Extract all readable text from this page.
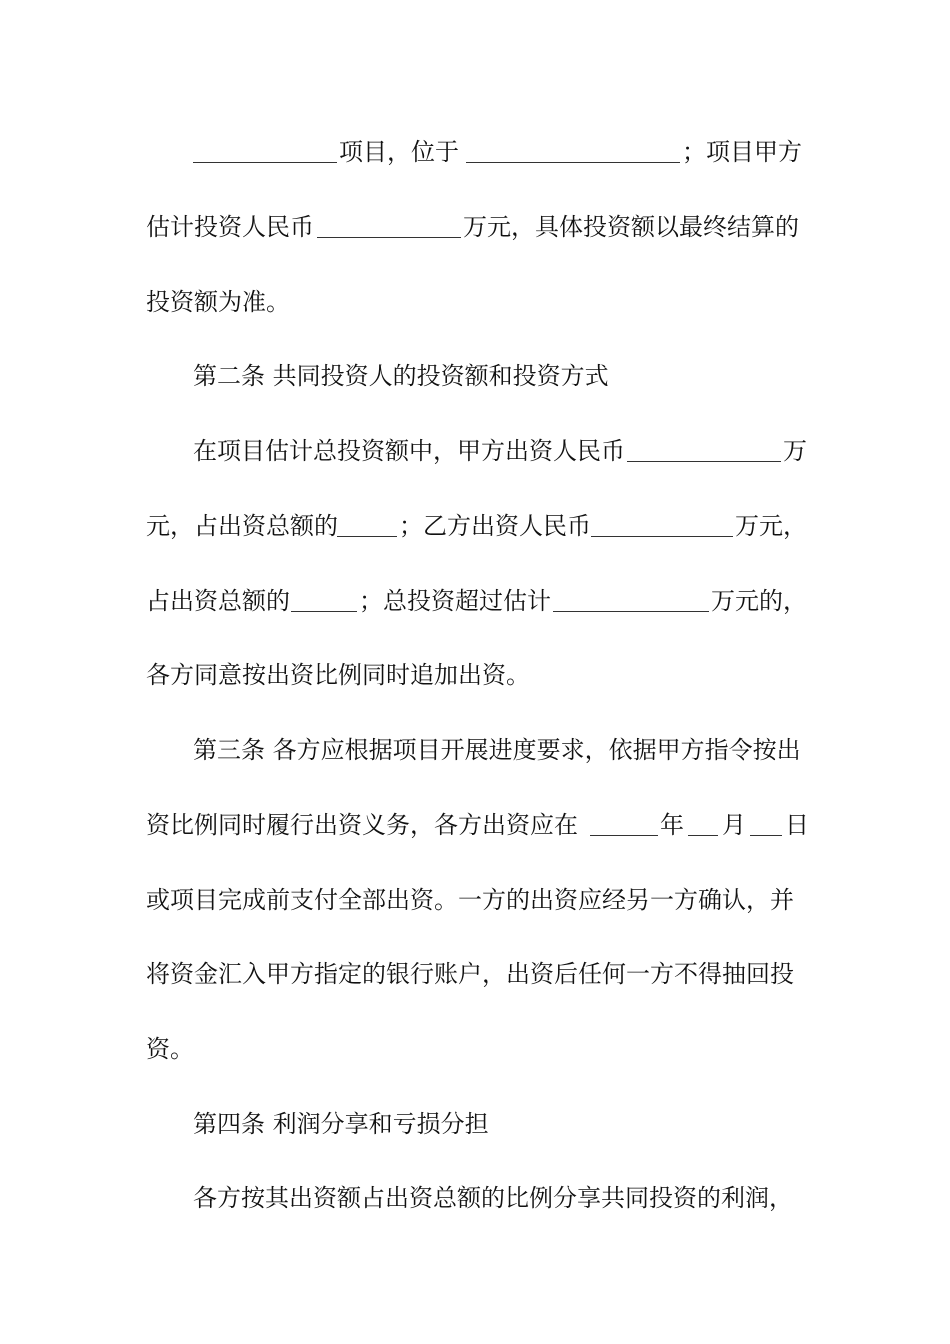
项目，位于	；项目甲方
估计投资人民币	万元，具体投资额以最终结算的
投资额为准。
第二条 共同投资人的投资额和投资方式
在项目估计总投资额中，甲方出资人民币	万
元，占出资总额的	；乙方出资人民币	万元，
占出资总额的	；总投资超过估计	万元的，
各方同意按出资比例同时追加出资。
第三条 各方应根据项目开展进度要求，依据甲方指令按出
资比例同时履行出资义务，各方出资应在	年 月 日
或项目完成前支付全部出资。一方的出资应经另一方确认，并
将资金汇入甲方指定的银行账户，出资后任何一方不得抽回投
资。
第四条 利润分享和亏损分担
各方按其出资额占出资总额的比例分享共同投资的利润，
